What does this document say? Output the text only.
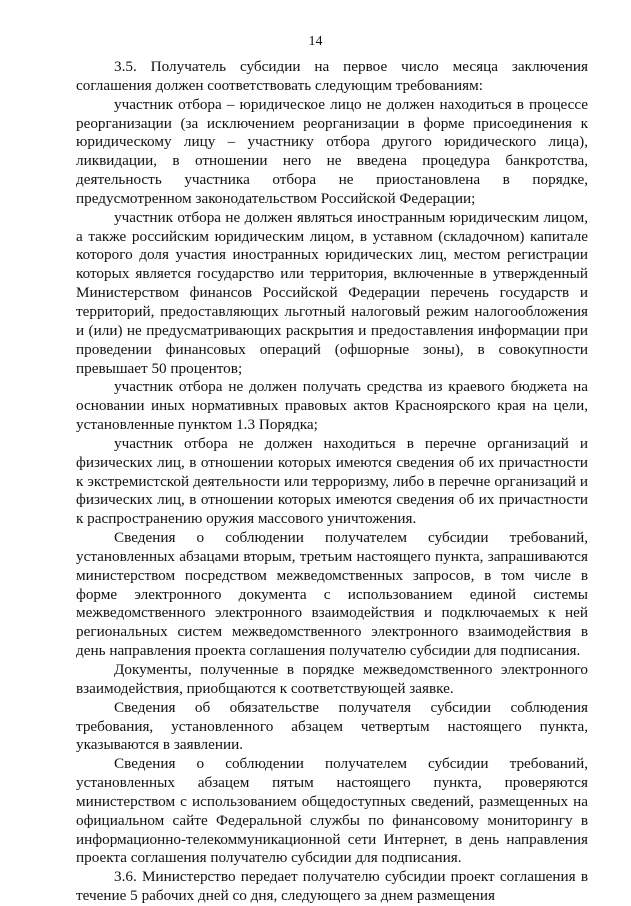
14

3.5. Получатель субсидии на первое число месяца заключения соглашения должен соответствовать следующим требованиям:

участник отбора – юридическое лицо не должен находиться в процессе реорганизации (за исключением реорганизации в форме присоединения к юридическому лицу – участнику отбора другого юридического лица), ликвидации, в отношении него не введена процедура банкротства, деятельность участника отбора не приостановлена в порядке, предусмотренном законодательством Российской Федерации;

участник отбора не должен являться иностранным юридическим лицом, а также российским юридическим лицом, в уставном (складочном) капитале которого доля участия иностранных юридических лиц, местом регистрации которых является государство или территория, включенные в утвержденный Министерством финансов Российской Федерации перечень государств и территорий, предоставляющих льготный налоговый режим налогообложения и (или) не предусматривающих раскрытия и предоставления информации при проведении финансовых операций (офшорные зоны), в совокупности превышает 50 процентов;

участник отбора не должен получать средства из краевого бюджета на основании иных нормативных правовых актов Красноярского края на цели, установленные пунктом 1.3 Порядка;

участник отбора не должен находиться в перечне организаций и физических лиц, в отношении которых имеются сведения об их причастности к экстремистской деятельности или терроризму, либо в перечне организаций и физических лиц, в отношении которых имеются сведения об их причастности к распространению оружия массового уничтожения.

Сведения о соблюдении получателем субсидии требований, установленных абзацами вторым, третьим настоящего пункта, запрашиваются министерством посредством межведомственных запросов, в том числе в форме электронного документа с использованием единой системы межведомственного электронного взаимодействия и подключаемых к ней региональных систем межведомственного электронного взаимодействия в день направления проекта соглашения получателю субсидии для подписания.

Документы, полученные в порядке межведомственного электронного взаимодействия, приобщаются к соответствующей заявке.

Сведения об обязательстве получателя субсидии соблюдения требования, установленного абзацем четвертым настоящего пункта, указываются в заявлении.

Сведения о соблюдении получателем субсидии требований, установленных абзацем пятым настоящего пункта, проверяются министерством с использованием общедоступных сведений, размещенных на официальном сайте Федеральной службы по финансовому мониторингу в информационно-телекоммуникационной сети Интернет, в день направления проекта соглашения получателю субсидии для подписания.

3.6. Министерство передает получателю субсидии проект соглашения в течение 5 рабочих дней со дня, следующего за днем размещения
